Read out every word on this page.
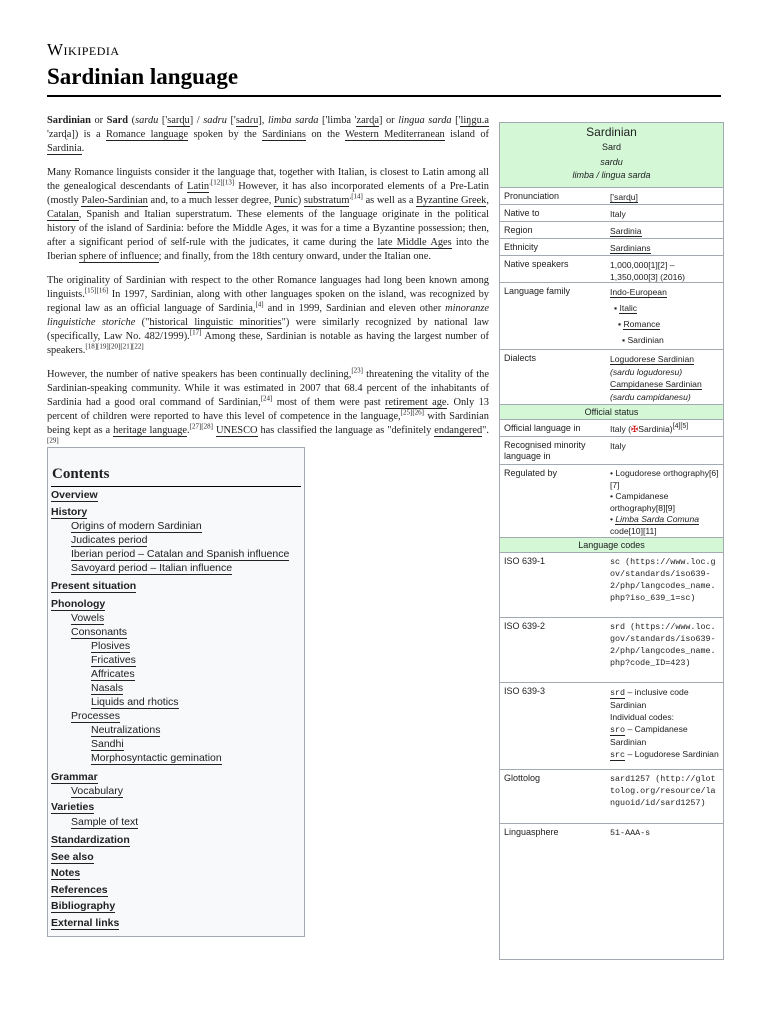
Wikipedia
Sardinian language

Sardinian or Sard (sardu ['sarɖu] / sadru ['sadɾu], limba sarda ['limba 'zarɖa] or lingua sarda ['liŋgu.a 'zarɖa]) is a Romance language spoken by the Sardinians on the Western Mediterranean island of Sardinia.

Many Romance linguists consider it the language that, together with Italian, is closest to Latin among all the genealogical descendants of Latin$^{.[12][13]}$ However, it has also incorporated elements of a Pre-Latin (mostly Paleo-Sardinian and, to a much lesser degree, Punic) substratum$^{,[14]}$ as well as a Byzantine Greek, Catalan, Spanish and Italian superstratum. These elements of the language originate in the political history of the island of Sardinia: before the Middle Ages, it was for a time a Byzantine possession; then, after a significant period of self-rule with the judicates, it came during the late Middle Ages into the Iberian sphere of influence; and finally, from the 18th century onward, under the Italian one.

The originality of Sardinian with respect to the other Romance languages had long been known among linguists.[15][16] In 1997, Sardinian, along with other languages spoken on the island, was recognized by regional law as an official language of Sardinia,[4] and in 1999, Sardinian and eleven other minoranze linguistiche storiche ("historical linguistic minorities") were similarly recognized by national law (specifically, Law No. 482/1999).[17] Among these, Sardinian is notable as having the largest number of speakers.[18][19][20][21][22]

However, the number of native speakers has been continually declining,[23] threatening the vitality of the Sardinian-speaking community. While it was estimated in 2007 that 68.4 percent of the inhabitants of Sardinia had a good oral command of Sardinian,[24] most of them were past retirement age. Only 13 percent of children were reported to have this level of competence in the language,[25][26] with Sardinian being kept as a heritage language.[27][28] UNESCO has classified the language as "definitely endangered".[29]

Contents
Overview
History
Origins of modern Sardinian
Judicates period
Iberian period – Catalan and Spanish influence
Savoyard period – Italian influence
Present situation
Phonology
Vowels
Consonants
Plosives
Fricatives
Affricates
Nasals
Liquids and rhotics
Processes
Neutralizations
Sandhi
Morphosyntactic gemination
Grammar
Vocabulary
Varieties
Sample of text
Standardization
See also
Notes
References
Bibliography
External links
Sardinian
Sard
sardu
limba / lingua sarda
Pronunciation	['sarɖu]
Native to	Italy
Region	Sardinia
Ethnicity	Sardinians
Native speakers	1,000,000[1][2] –
1,350,000[3] (2016)
Language family	Indo-European
▪ Italic
▪ Romance
▪ Sardinian
Dialects	Logudorese Sardinian
(sardu logudoresu)
Campidanese Sardinian
(sardu campidanesu)
Official status
Official language in	Italy (✠Sardinia)[4][5]
Recognised minority language in
Italy
Regulated by	• Logudorese orthography[6][7]
• Campidanese orthography[8][9]
• Limba Sarda Comuna code[10][11]
Language codes
ISO 639-1	sc (https://www.loc.gov/standards/iso639-2/php/langcodes_name.php?iso_639_1=sc)
ISO 639-2	srd (https://www.loc.gov/standards/iso639-2/php/langcodes_name.php?code_ID=423)
ISO 639-3	srd – inclusive code Sardinian
Individual codes:
sro – Campidanese Sardinian
src – Logudorese Sardinian
Glottolog	sard1257 (http://glottolog.org/resource/languoid/id/sard1257)
Linguasphere	51-AAA-s
